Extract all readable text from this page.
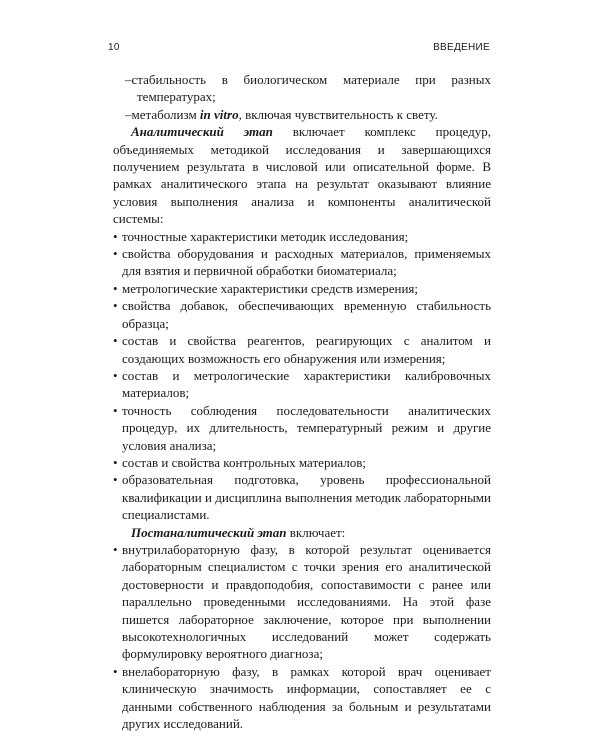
10	ВВЕДЕНИЕ

–стабильность в биологическом материале при разных температурах;

–метаболизм in vitro, включая чувствительность к свету.

Аналитический этап включает комплекс процедур, объединяемых методикой исследования и завершающихся получением результата в числовой или описательной форме. В рамках аналитического этапа на результат оказывают влияние условия выполнения анализа и компоненты аналитической системы:

• точностные характеристики методик исследования;
• свойства оборудования и расходных материалов, применяемых для взятия и первичной обработки биоматериала;
• метрологические характеристики средств измерения;
• свойства добавок, обеспечивающих временную стабильность образца;
• состав и свойства реагентов, реагирующих с аналитом и создающих возможность его обнаружения или измерения;
• состав и метрологические характеристики калибровочных материалов;
• точность соблюдения последовательности аналитических процедур, их длительность, температурный режим и другие условия анализа;
• состав и свойства контрольных материалов;
• образовательная подготовка, уровень профессиональной квалификации и дисциплина выполнения методик лабораторными специалистами.

Постаналитический этап включает:

• внутрилабораторную фазу, в которой результат оценивается лабораторным специалистом с точки зрения его аналитической достоверности и правдоподобия, сопоставимости с ранее или параллельно проведенными исследованиями. На этой фазе пишется лабораторное заключение, которое при выполнении высокотехнологичных исследований может содержать формулировку вероятного диагноза;
• внелабораторную фазу, в рамках которой врач оценивает клиническую значимость информации, сопоставляет ее с данными собственного наблюдения за больным и результатами других исследований.
